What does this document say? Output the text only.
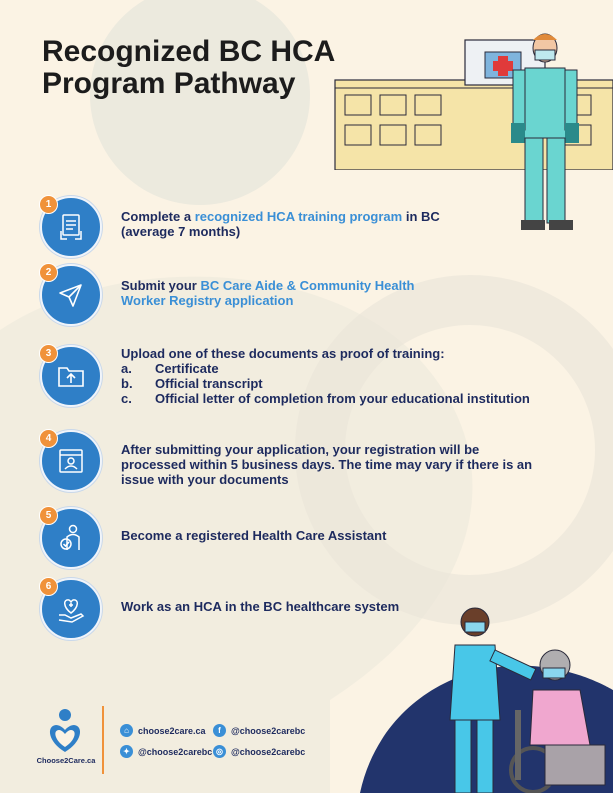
Recognized BC HCA Program Pathway
1
Complete a recognized HCA training program in BC (average 7 months)
2
Submit your BC Care Aide & Community Health Worker Registry application
3	Upload one of these documents as proof of training:
a.	Certificate
b.	Official transcript
c.	Official letter of completion from your educational institution
4
After submitting your application, your registration will be processed within 5 business days. The time may vary if there is an issue with your documents
5
Become a registered Health Care Assistant
6
Work as an HCA in the BC healthcare system
Choose2Care.ca
⌂	choose2care.ca	f	@choose2carebc
✦ @choose2carebc ◎ @choose2carebc
